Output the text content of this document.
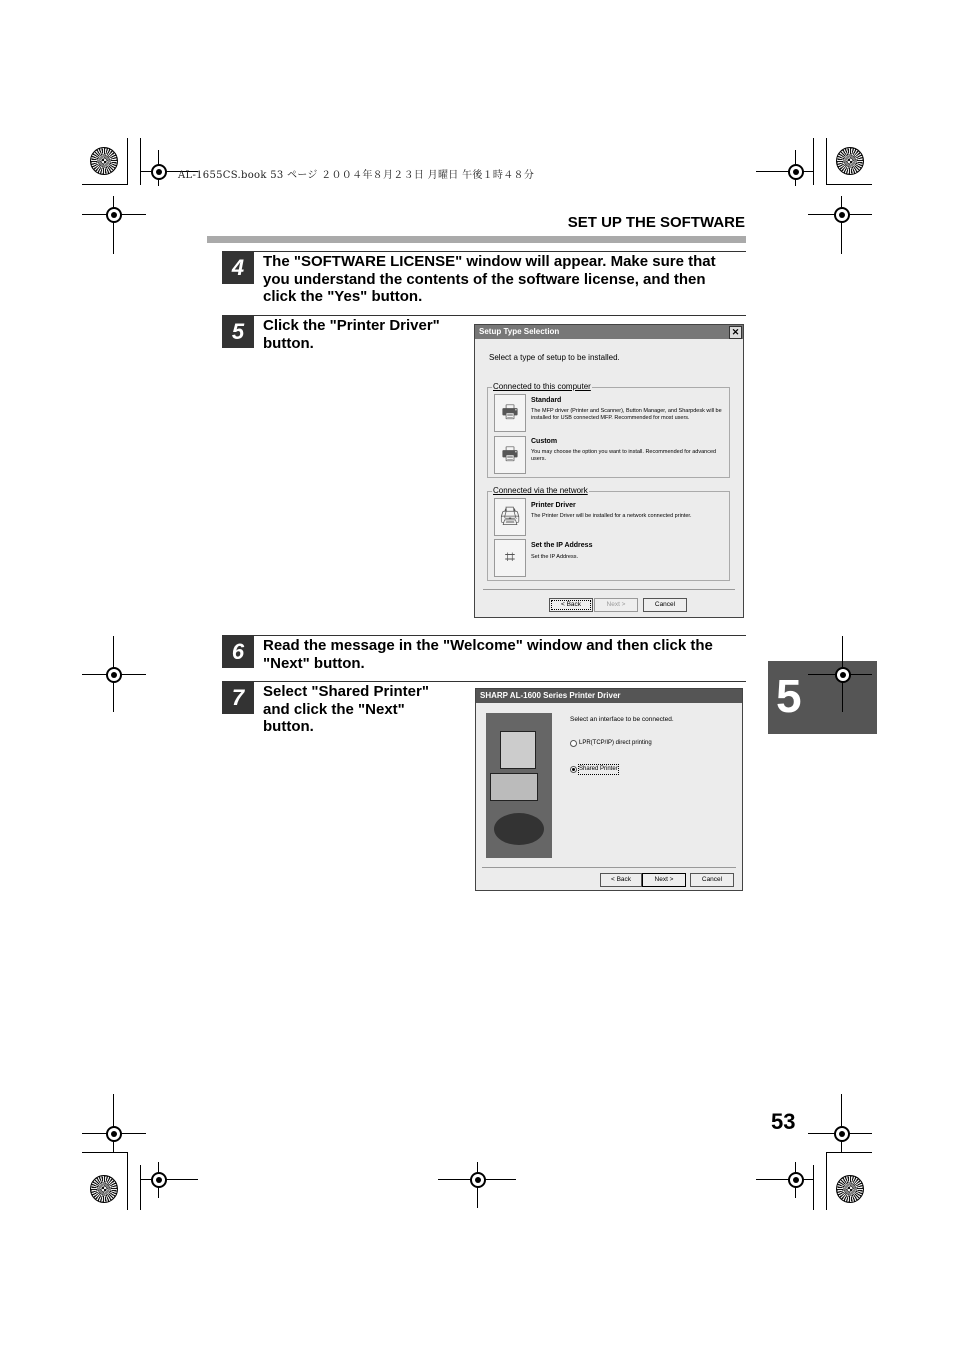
AL-1655CS.book 53 ページ ２００４年８月２３日 月曜日 午後１時４８分
SET UP THE SOFTWARE
4	The "SOFTWARE LICENSE" window will appear. Make sure that you understand the contents of the software license, and then click the "Yes" button.
5	Click the "Printer Driver" button.
Setup Type Selection	✕
Select a type of setup to be installed.
Connected to this computer
🖶
Standard
The MFP driver (Printer and Scanner), Button Manager, and Sharpdesk will be installed for USB connected MFP. Recommended for most users.
🖶
Custom
You may choose the option you want to install. Recommended for advanced users.
Connected via the network
🖨
Printer Driver
The Printer Driver will be installed for a network connected printer.
⌗
Set the IP Address
Set the IP Address.
< Back	Next >	Cancel
6	Read the message in the "Welcome" window and then click the "Next" button.
7	Select "Shared Printer" and click the "Next" button.
SHARP AL-1600 Series Printer Driver
Select an interface to be connected.
LPR(TCP/IP) direct printing
Shared Printer
< Back	Next >	Cancel
5
53
